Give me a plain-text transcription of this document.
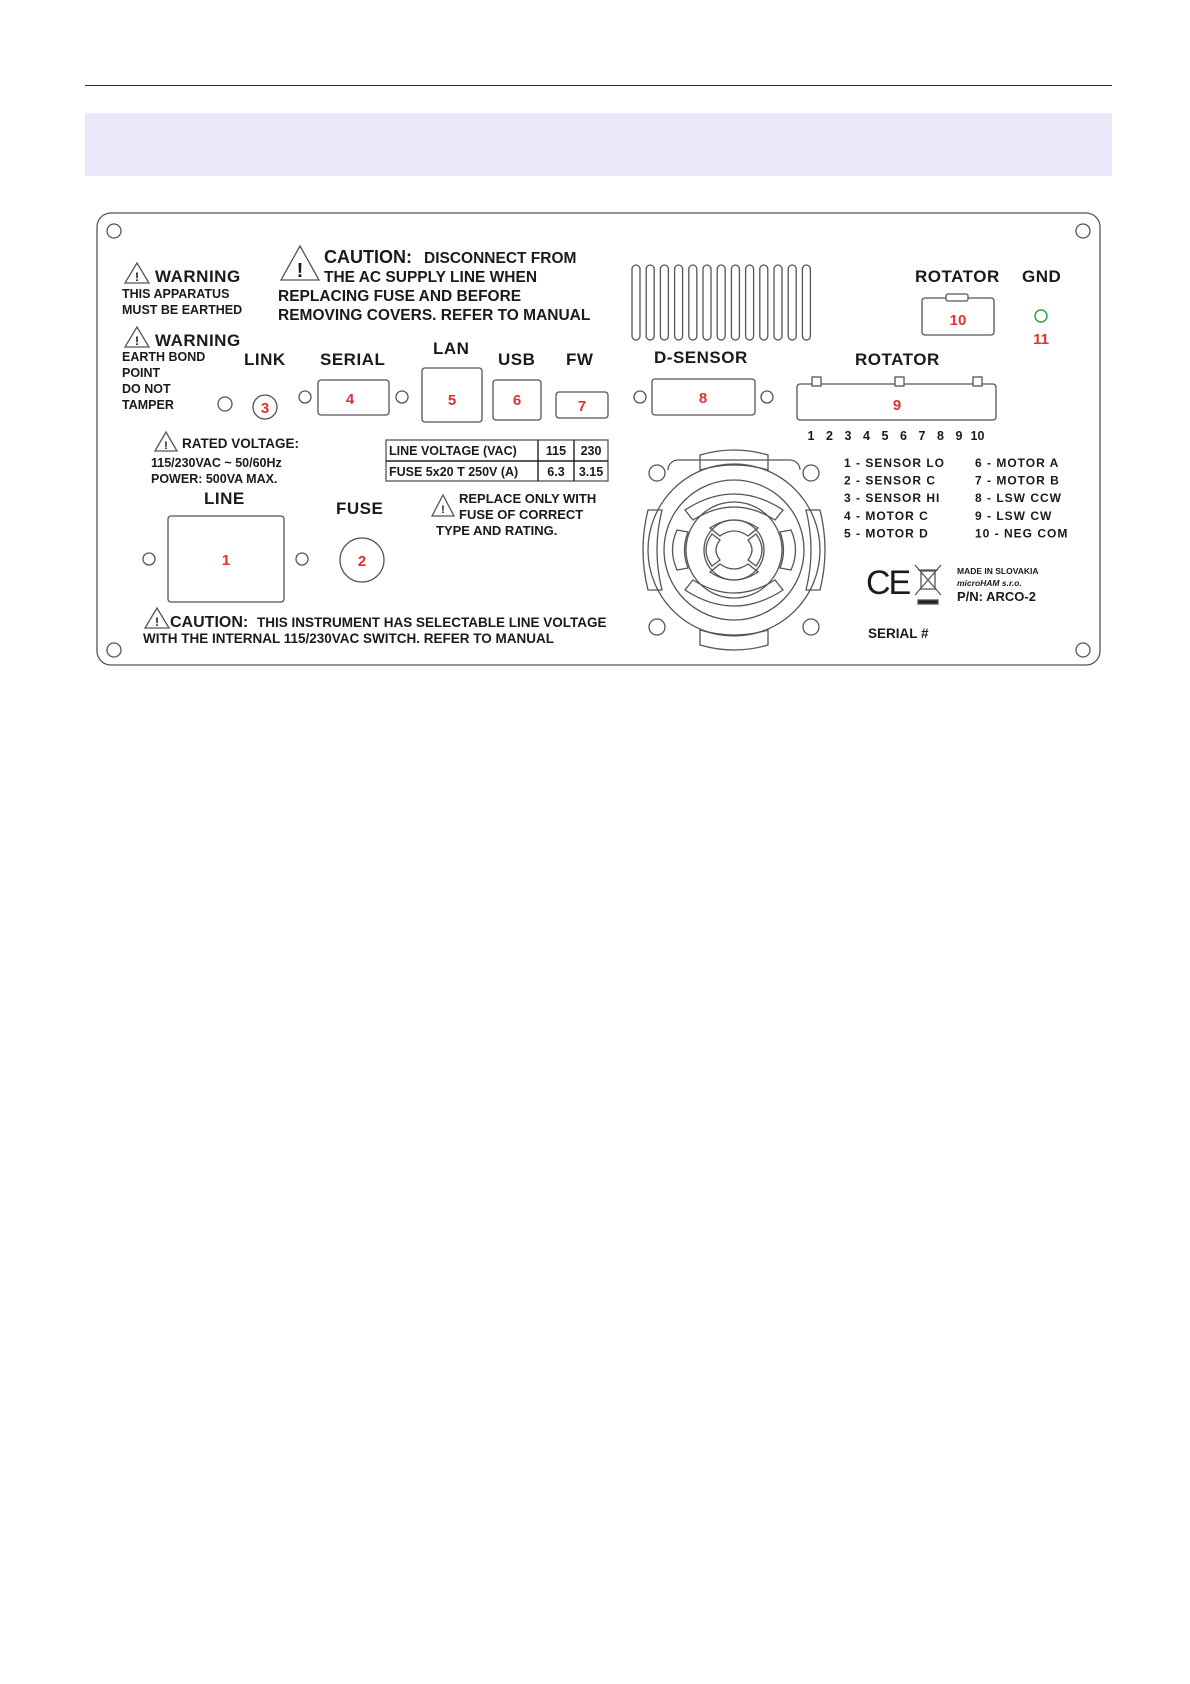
! WARNING
THIS APPARATUS
MUST BE EARTHED
! WARNING
EARTH BOND
POINT
DO NOT
TAMPER
!
CAUTION: DISCONNECT FROM
THE AC SUPPLY LINE WHEN
REPLACING FUSE AND BEFORE
REMOVING COVERS. REFER TO MANUAL
ROTATOR GND
10
11
LINK SERIAL
LAN
USB FW	D-SENSOR	ROTATOR
3
4	5	6	7	8	9
1 2 3 4 5 6 7 8 9 10
! RATED VOLTAGE:
115/230VAC ~ 50/60Hz
POWER: 500VA MAX.
LINE VOLTAGE (VAC) 115 230
FUSE 5x20 T 250V (A) 6.3 3.15
LINE
FUSE	!
REPLACE ONLY WITH
FUSE OF CORRECT
TYPE AND RATING.
1	2
1 - SENSOR LO
2 - SENSOR C
3 - SENSOR HI
4 - MOTOR C
5 - MOTOR D
6 - MOTOR A
7 - MOTOR B
8 - LSW CCW
9 - LSW CW
10 - NEG COM
CE	MADE IN SLOVAKIA
microHAM s.r.o.
P/N: ARCO-2
SERIAL #
! CAUTION: THIS INSTRUMENT HAS SELECTABLE LINE VOLTAGE
WITH THE INTERNAL 115/230VAC SWITCH. REFER TO MANUAL
